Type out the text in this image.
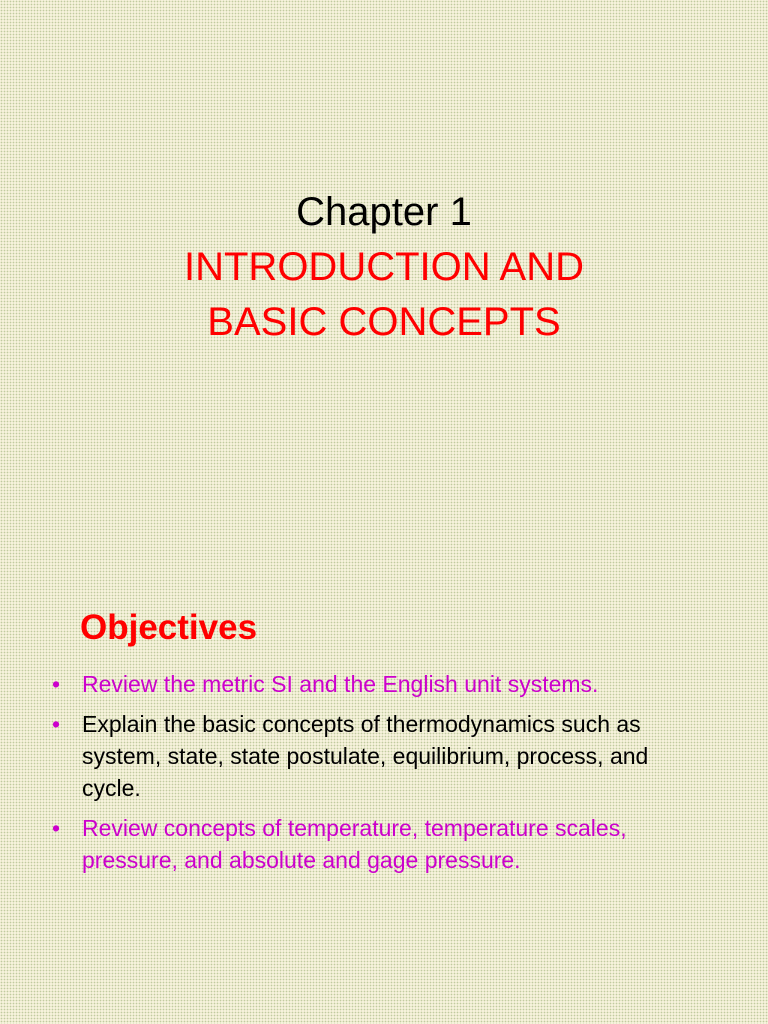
Chapter 1
INTRODUCTION AND
BASIC CONCEPTS
Objectives
• Review the metric SI and the English unit systems.
• Explain the basic concepts of thermodynamics such as system, state, state postulate, equilibrium, process, and cycle.
• Review concepts of temperature, temperature scales, pressure, and absolute and gage pressure.
